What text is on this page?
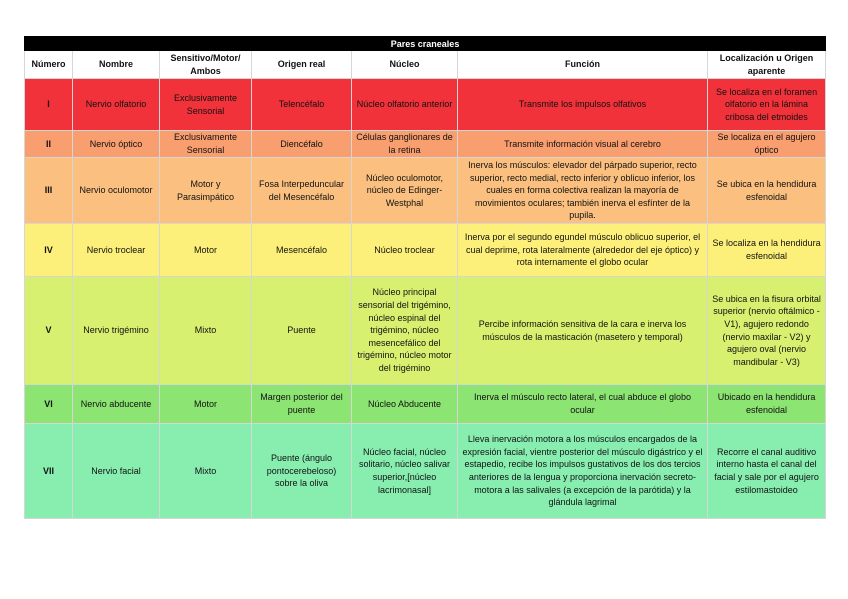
Pares craneales						
Número	Nombre	Sensitivo/Motor/ Ambos	Origen real	Núcleo	Función	Localización u Origen aparente
I	Nervio olfatorio	Exclusivamente Sensorial	Telencéfalo	Núcleo olfatorio anterior	Transmite los impulsos olfativos	Se localiza en el foramen olfatorio en la lámina cribosa del etmoides
II	Nervio óptico	Exclusivamente Sensorial	Diencéfalo	Células ganglionares de la retina	Transmite información visual al cerebro	Se localiza en el agujero óptico
III	Nervio oculomotor	Motor y Parasimpático	Fosa Interpeduncular del Mesencéfalo	Núcleo oculomotor, núcleo de Edinger-Westphal	Inerva los músculos: elevador del párpado superior, recto superior, recto medial, recto inferior y oblicuo inferior, los cuales en forma colectiva realizan la mayoría de movimientos oculares; también inerva el esfínter de la pupila.	Se ubica en la hendidura esfenoidal
IV	Nervio troclear	Motor	Mesencéfalo	Núcleo troclear	Inerva por el segundo egundel músculo oblicuo superior, el cual deprime, rota lateralmente (alrededor del eje óptico) y rota internamente el globo ocular	Se localiza en la hendidura esfenoidal
V	Nervio trigémino	Mixto	Puente	Núcleo principal sensorial del trigémino, núcleo espinal del trigémino, núcleo mesencefálico del trigémino, núcleo motor del trigémino	Percibe información sensitiva de la cara e inerva los músculos de la masticación (masetero y temporal)	Se ubica en la fisura orbital superior (nervio oftálmico - V1), agujero redondo (nervio maxilar - V2) y agujero oval (nervio mandibular - V3)
VI	Nervio abducente	Motor	Margen posterior del puente	Núcleo Abducente	Inerva el músculo recto lateral, el cual abduce el globo ocular	Ubicado en la hendidura esfenoidal
VII	Nervio facial	Mixto	Puente (ángulo pontocerebeloso) sobre la oliva	Núcleo facial, núcleo solitario, núcleo salivar superior,[núcleo lacrimonasal]	Lleva inervación motora a los músculos encargados de la expresión facial, vientre posterior del músculo digástrico y el estapedio, recibe los impulsos gustativos de los dos tercios anteriores de la lengua y proporciona inervación secreto-motora a las salivales (a excepción de la parótida) y la glándula lagrimal	Recorre el canal auditivo interno hasta el canal del facial y sale por el agujero estilomastoideo
